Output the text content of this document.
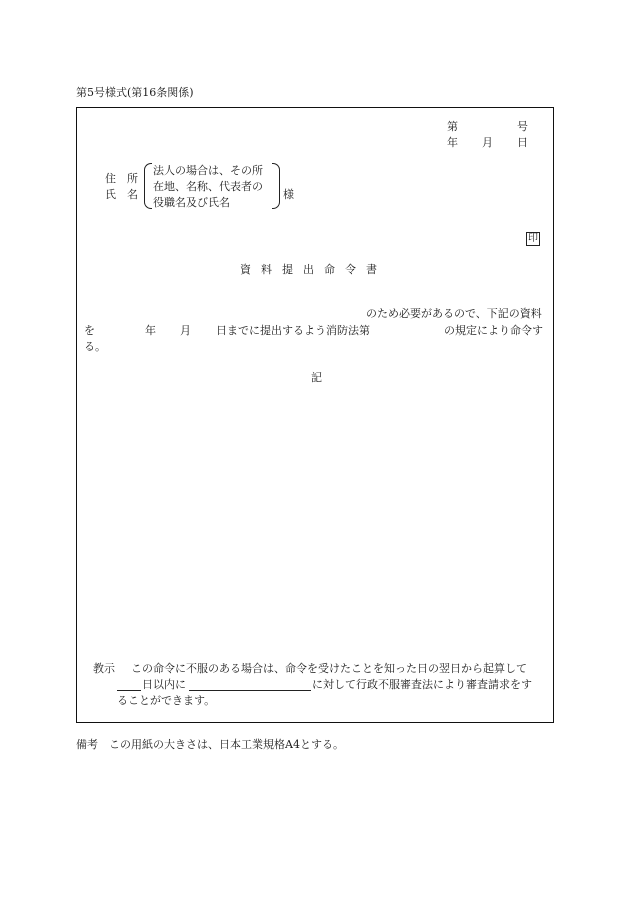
第5号様式(第16条関係)
第	号
年 月 日
住　所
氏　名
法人の場合は、その所
在地、名称、代表者の
役職名及び氏名
様
印
資料提出命令書
のため必要があるので、下記の資料
を	年 月 日までに提出するよう消防法第	の規定により命令す
る。
記
教示 この命令に不服のある場合は、命令を受けたことを知った日の翌日から起算して
日以内に	に対して行政不服審査法により審査請求をす
ることができます。
備考　この用紙の大きさは、日本工業規格A4とする。
